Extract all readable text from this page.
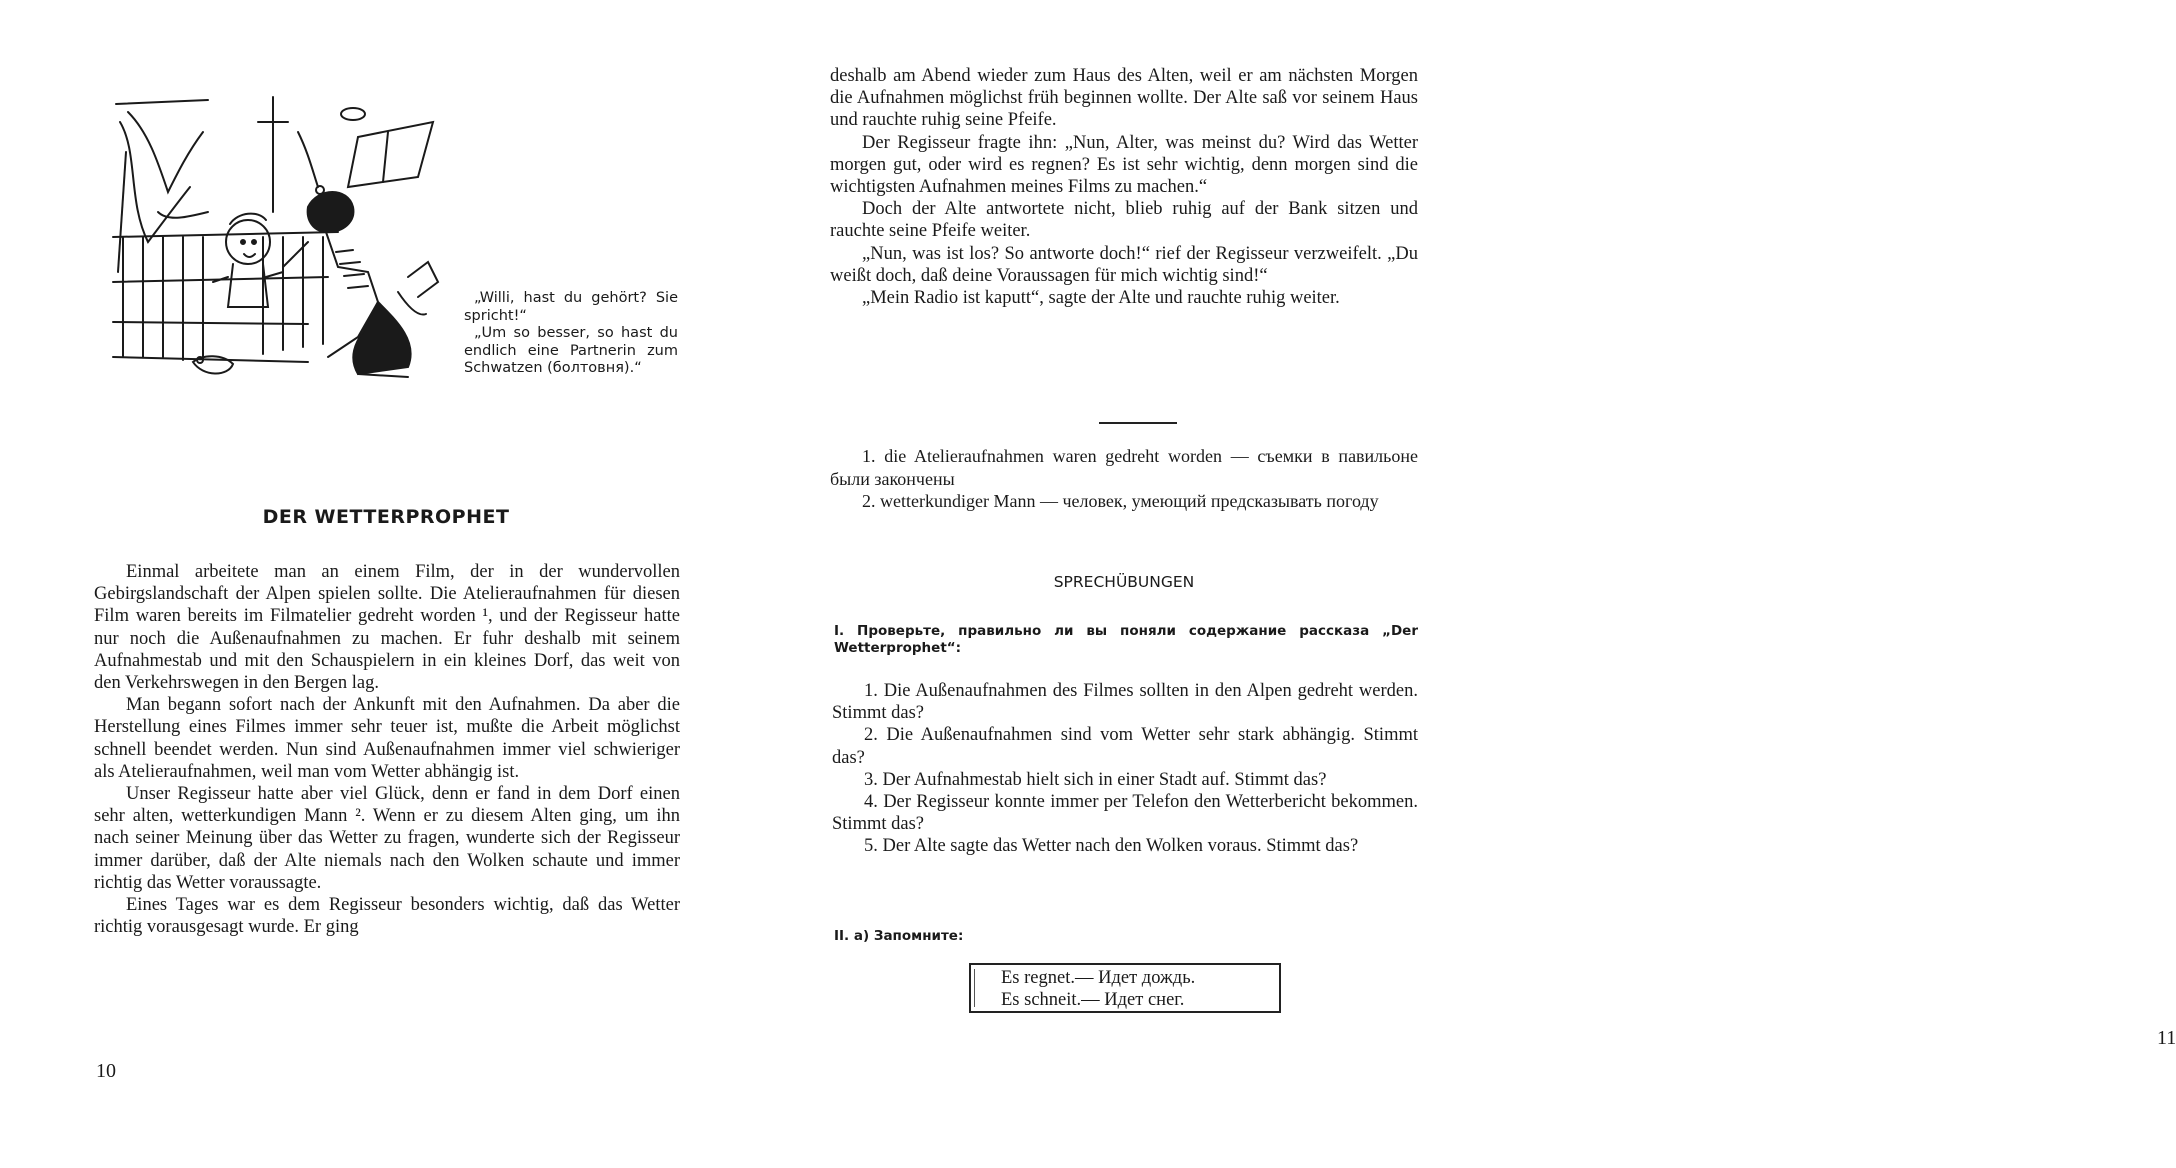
„Willi, hast du gehört? Sie spricht!“

„Um so besser, so hast du endlich eine Partnerin zum Schwatzen (болтовня).“

DER WETTERPROPHET

Einmal arbeitete man an einem Film, der in der wundervollen Gebirgslandschaft der Alpen spielen sollte. Die Atelieraufnahmen für diesen Film waren bereits im Filmatelier gedreht worden ¹, und der Regisseur hatte nur noch die Außenaufnahmen zu machen. Er fuhr deshalb mit seinem Aufnahmestab und mit den Schauspielern in ein kleines Dorf, das weit von den Verkehrswegen in den Bergen lag.

Man begann sofort nach der Ankunft mit den Aufnahmen. Da aber die Herstellung eines Filmes immer sehr teuer ist, mußte die Arbeit möglichst schnell beendet werden. Nun sind Außenaufnahmen immer viel schwieriger als Atelieraufnahmen, weil man vom Wetter abhängig ist.

Unser Regisseur hatte aber viel Glück, denn er fand in dem Dorf einen sehr alten, wetterkundigen Mann ². Wenn er zu diesem Alten ging, um ihn nach seiner Meinung über das Wetter zu fragen, wunderte sich der Regisseur immer darüber, daß der Alte niemals nach den Wolken schaute und immer richtig das Wetter voraussagte.

Eines Tages war es dem Regisseur besonders wichtig, daß das Wetter richtig vorausgesagt wurde. Er ging

10

deshalb am Abend wieder zum Haus des Alten, weil er am nächsten Morgen die Aufnahmen möglichst früh beginnen wollte. Der Alte saß vor seinem Haus und rauchte ruhig seine Pfeife.

Der Regisseur fragte ihn: „Nun, Alter, was meinst du? Wird das Wetter morgen gut, oder wird es regnen? Es ist sehr wichtig, denn morgen sind die wichtigsten Aufnahmen meines Films zu machen.“

Doch der Alte antwortete nicht, blieb ruhig auf der Bank sitzen und rauchte seine Pfeife weiter.

„Nun, was ist los? So antworte doch!“ rief der Regisseur verzweifelt. „Du weißt doch, daß deine Voraussagen für mich wichtig sind!“

„Mein Radio ist kaputt“, sagte der Alte und rauchte ruhig weiter.

1. die Atelieraufnahmen waren gedreht worden — съемки в павильоне были закончены

2. wetterkundiger Mann — человек, умеющий предсказывать погоду

SPRECHÜBUNGEN
I. Проверьте, правильно ли вы поняли содержание рассказа „Der Wetterprophet“:

1. Die Außenaufnahmen des Filmes sollten in den Alpen gedreht werden. Stimmt das?

2. Die Außenaufnahmen sind vom Wetter sehr stark abhängig. Stimmt das?

3. Der Aufnahmestab hielt sich in einer Stadt auf. Stimmt das?

4. Der Regisseur konnte immer per Telefon den Wetterbericht bekommen. Stimmt das?

5. Der Alte sagte das Wetter nach den Wolken voraus. Stimmt das?

II. a) Запомните:
Es regnet.— Идет дождь.
Es schneit.— Идет снег.
11
